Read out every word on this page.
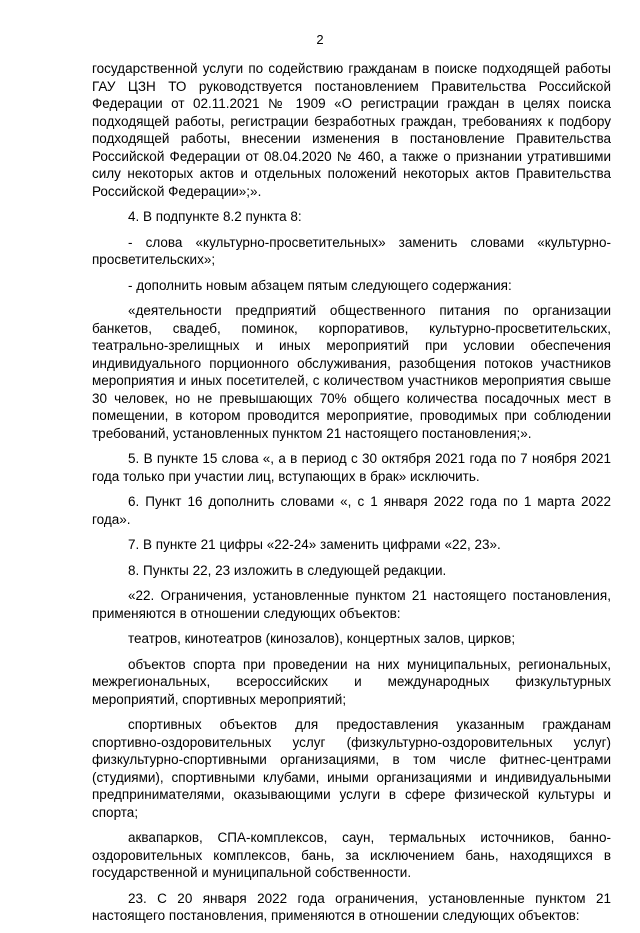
2

государственной услуги по содействию гражданам в поиске подходящей работы ГАУ ЦЗН ТО руководствуется постановлением Правительства Российской Федерации от 02.11.2021 № 1909 «О регистрации граждан в целях поиска подходящей работы, регистрации безработных граждан, требованиях к подбору подходящей работы, внесении изменения в постановление Правительства Российской Федерации от 08.04.2020 № 460, а также о признании утратившими силу некоторых актов и отдельных положений некоторых актов Правительства Российской Федерации»;».

4. В подпункте 8.2 пункта 8:

- слова «культурно-просветительных» заменить словами «культурно-просветительских»;

- дополнить новым абзацем пятым следующего содержания:

«деятельности предприятий общественного питания по организации банкетов, свадеб, поминок, корпоративов, культурно-просветительских, театрально-зрелищных и иных мероприятий при условии обеспечения индивидуального порционного обслуживания, разобщения потоков участников мероприятия и иных посетителей, с количеством участников мероприятия свыше 30 человек, но не превышающих 70% общего количества посадочных мест в помещении, в котором проводится мероприятие, проводимых при соблюдении требований, установленных пунктом 21 настоящего постановления;».

5. В пункте 15 слова «, а в период с 30 октября 2021 года по 7 ноября 2021 года только при участии лиц, вступающих в брак» исключить.

6. Пункт 16 дополнить словами «, с 1 января 2022 года по 1 марта 2022 года».

7. В пункте 21 цифры «22-24» заменить цифрами «22, 23».

8. Пункты 22, 23 изложить в следующей редакции.

«22. Ограничения, установленные пунктом 21 настоящего постановления, применяются в отношении следующих объектов:

театров, кинотеатров (кинозалов), концертных залов, цирков;

объектов спорта при проведении на них муниципальных, региональных, межрегиональных, всероссийских и международных физкультурных мероприятий, спортивных мероприятий;

спортивных объектов для предоставления указанным гражданам спортивно-оздоровительных услуг (физкультурно-оздоровительных услуг) физкультурно-спортивными организациями, в том числе фитнес-центрами (студиями), спортивными клубами, иными организациями и индивидуальными предпринимателями, оказывающими услуги в сфере физической культуры и спорта;

аквапарков, СПА-комплексов, саун, термальных источников, банно-оздоровительных комплексов, бань, за исключением бань, находящихся в государственной и муниципальной собственности.

23. С 20 января 2022 года ограничения, установленные пунктом 21 настоящего постановления, применяются в отношении следующих объектов:
